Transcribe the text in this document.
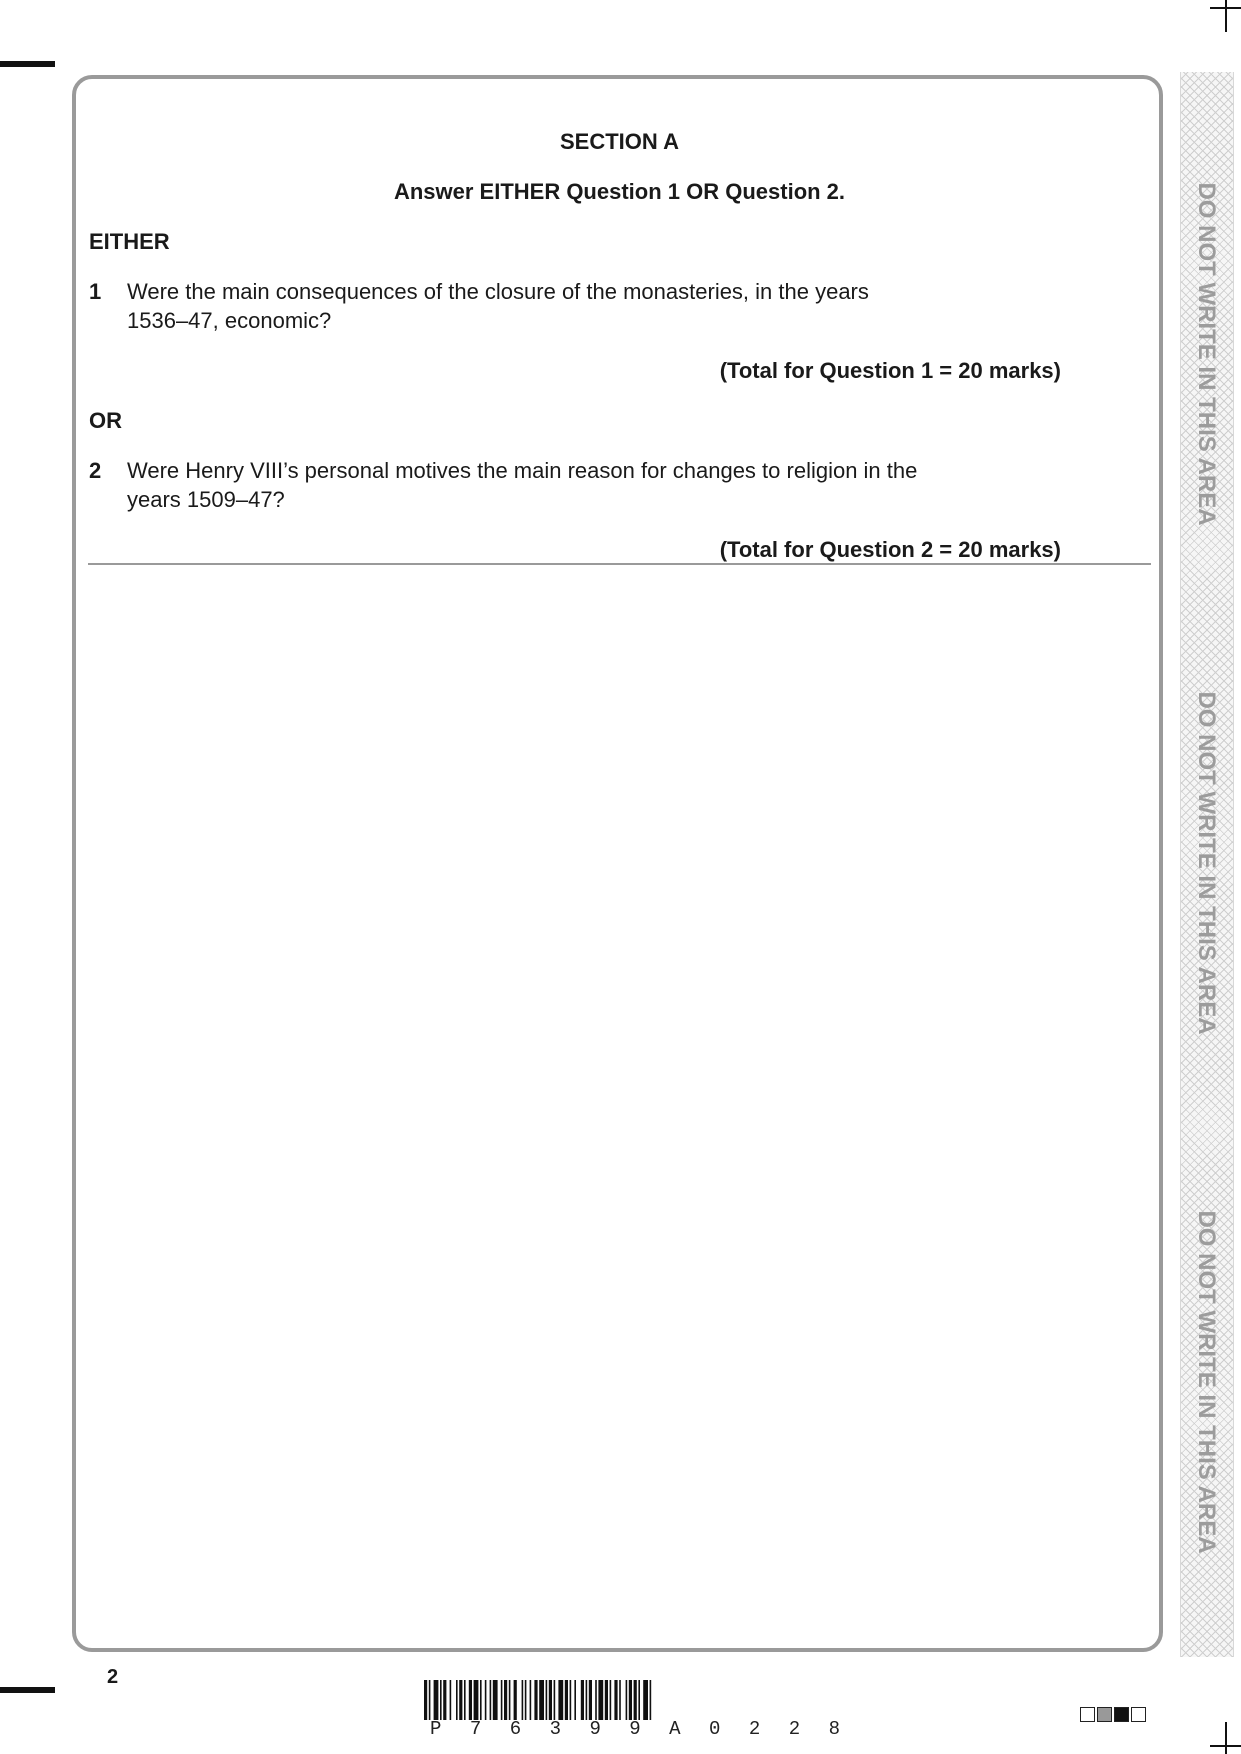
DO NOT WRITE IN THIS AREA
DO NOT WRITE IN THIS AREA
DO NOT WRITE IN THIS AREA
SECTION A
Answer EITHER Question 1 OR Question 2.
EITHER
1 Were the main consequences of the closure of the monasteries, in the years
1536–47, economic?
(Total for Question 1 = 20 marks)
OR
2 Were Henry VIII’s personal motives the main reason for changes to religion in the
years 1509–47?
(Total for Question 2 = 20 marks)
2
P 7 6 3 9 9 A 0 2 2 8
